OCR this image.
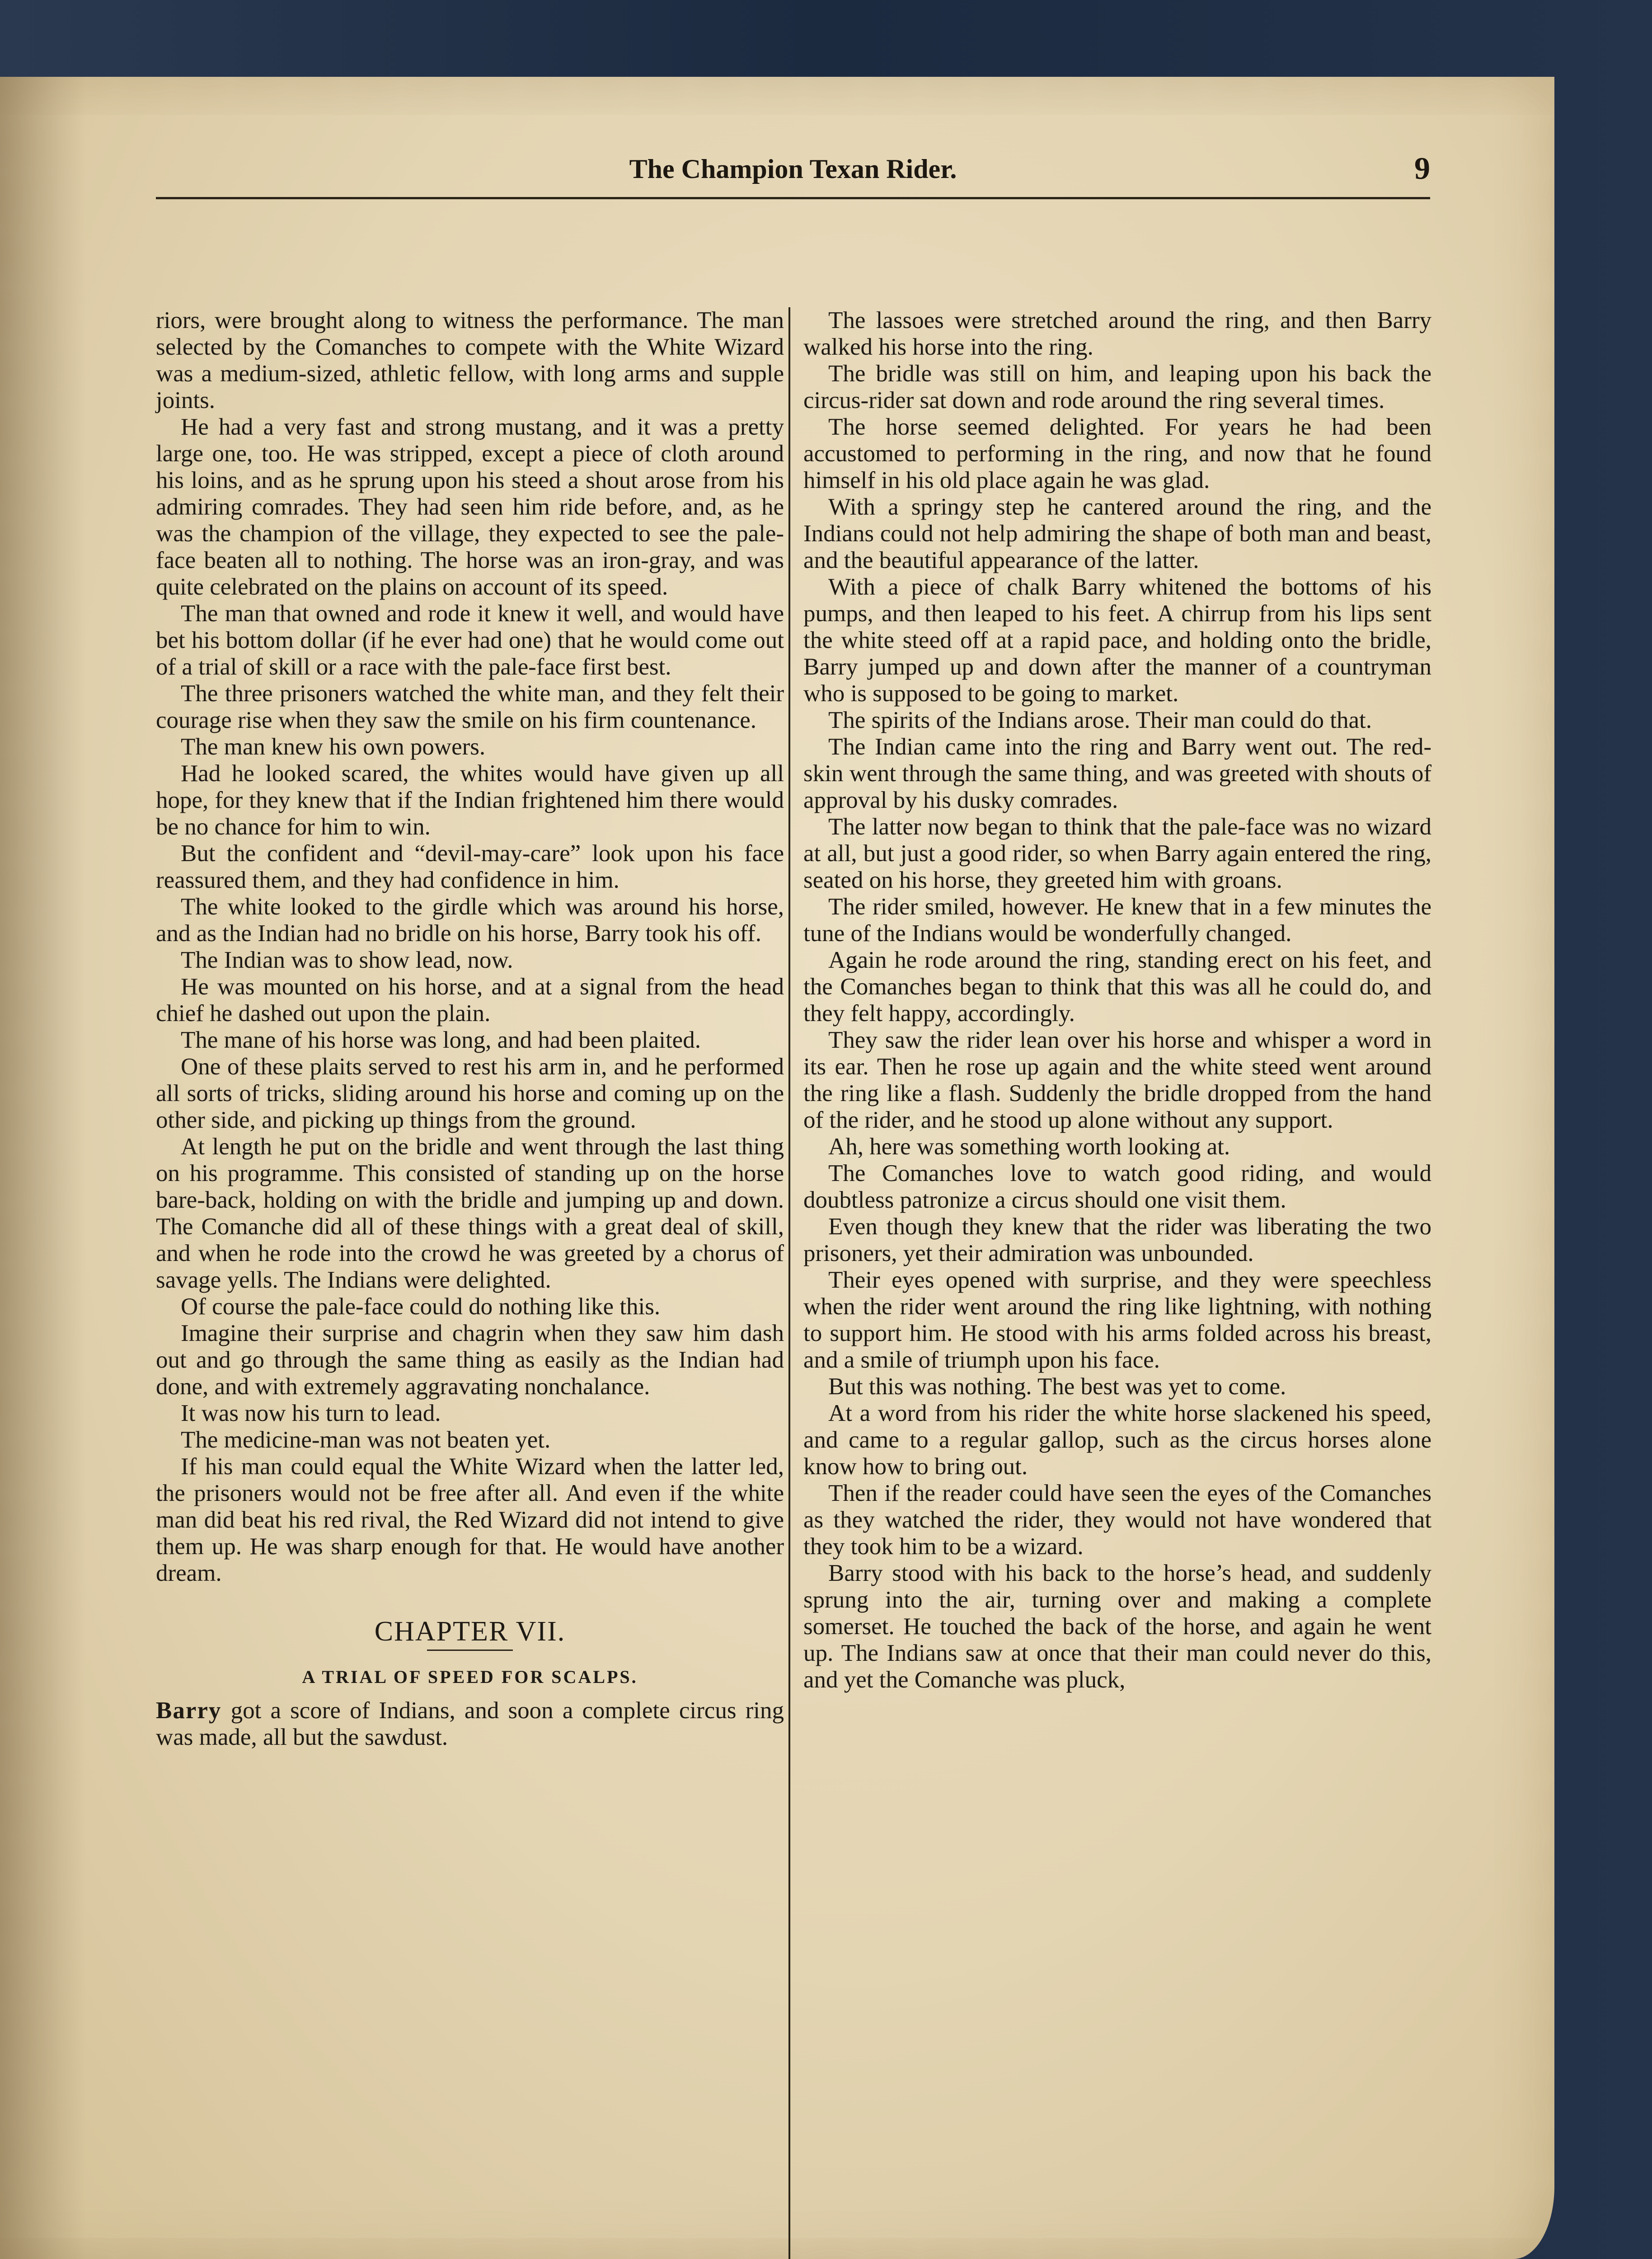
The Champion Texan Rider.	9

riors, were brought along to witness the performance. The man selected by the Comanches to compete with the White Wizard was a medium-sized, athletic fellow, with long arms and supple joints.

He had a very fast and strong mustang, and it was a pretty large one, too. He was stripped, except a piece of cloth around his loins, and as he sprung upon his steed a shout arose from his admiring comrades. They had seen him ride before, and, as he was the champion of the village, they expected to see the pale-face beaten all to nothing. The horse was an iron-gray, and was quite celebrated on the plains on account of its speed.

The man that owned and rode it knew it well, and would have bet his bottom dollar (if he ever had one) that he would come out of a trial of skill or a race with the pale-face first best.

The three prisoners watched the white man, and they felt their courage rise when they saw the smile on his firm countenance.

The man knew his own powers.

Had he looked scared, the whites would have given up all hope, for they knew that if the Indian frightened him there would be no chance for him to win.

But the confident and “devil-may-care” look upon his face reassured them, and they had confidence in him.

The white looked to the girdle which was around his horse, and as the Indian had no bridle on his horse, Barry took his off.

The Indian was to show lead, now.

He was mounted on his horse, and at a signal from the head chief he dashed out upon the plain.

The mane of his horse was long, and had been plaited.

One of these plaits served to rest his arm in, and he performed all sorts of tricks, sliding around his horse and coming up on the other side, and picking up things from the ground.

At length he put on the bridle and went through the last thing on his programme. This consisted of standing up on the horse bare-back, holding on with the bridle and jumping up and down. The Comanche did all of these things with a great deal of skill, and when he rode into the crowd he was greeted by a chorus of savage yells. The Indians were delighted.

Of course the pale-face could do nothing like this.

Imagine their surprise and chagrin when they saw him dash out and go through the same thing as easily as the Indian had done, and with extremely aggravating nonchalance.

It was now his turn to lead.

The medicine-man was not beaten yet.

If his man could equal the White Wizard when the latter led, the prisoners would not be free after all. And even if the white man did beat his red rival, the Red Wizard did not intend to give them up. He was sharp enough for that. He would have another dream.

CHAPTER VII.
A TRIAL OF SPEED FOR SCALPS.

Barry got a score of Indians, and soon a complete circus ring was made, all but the sawdust.

The lassoes were stretched around the ring, and then Barry walked his horse into the ring.

The bridle was still on him, and leaping upon his back the circus-rider sat down and rode around the ring several times.

The horse seemed delighted. For years he had been accustomed to performing in the ring, and now that he found himself in his old place again he was glad.

With a springy step he cantered around the ring, and the Indians could not help admiring the shape of both man and beast, and the beautiful appearance of the latter.

With a piece of chalk Barry whitened the bottoms of his pumps, and then leaped to his feet. A chirrup from his lips sent the white steed off at a rapid pace, and holding onto the bridle, Barry jumped up and down after the manner of a countryman who is supposed to be going to market.

The spirits of the Indians arose. Their man could do that.

The Indian came into the ring and Barry went out. The red-skin went through the same thing, and was greeted with shouts of approval by his dusky comrades.

The latter now began to think that the pale-face was no wizard at all, but just a good rider, so when Barry again entered the ring, seated on his horse, they greeted him with groans.

The rider smiled, however. He knew that in a few minutes the tune of the Indians would be wonderfully changed.

Again he rode around the ring, standing erect on his feet, and the Comanches began to think that this was all he could do, and they felt happy, accordingly.

They saw the rider lean over his horse and whisper a word in its ear. Then he rose up again and the white steed went around the ring like a flash. Suddenly the bridle dropped from the hand of the rider, and he stood up alone without any support.

Ah, here was something worth looking at.

The Comanches love to watch good riding, and would doubtless patronize a circus should one visit them.

Even though they knew that the rider was liberating the two prisoners, yet their admiration was unbounded.

Their eyes opened with surprise, and they were speechless when the rider went around the ring like lightning, with nothing to support him. He stood with his arms folded across his breast, and a smile of triumph upon his face.

But this was nothing. The best was yet to come.

At a word from his rider the white horse slackened his speed, and came to a regular gallop, such as the circus horses alone know how to bring out.

Then if the reader could have seen the eyes of the Comanches as they watched the rider, they would not have wondered that they took him to be a wizard.

Barry stood with his back to the horse’s head, and suddenly sprung into the air, turning over and making a complete somerset. He touched the back of the horse, and again he went up. The Indians saw at once that their man could never do this, and yet the Comanche was pluck,
